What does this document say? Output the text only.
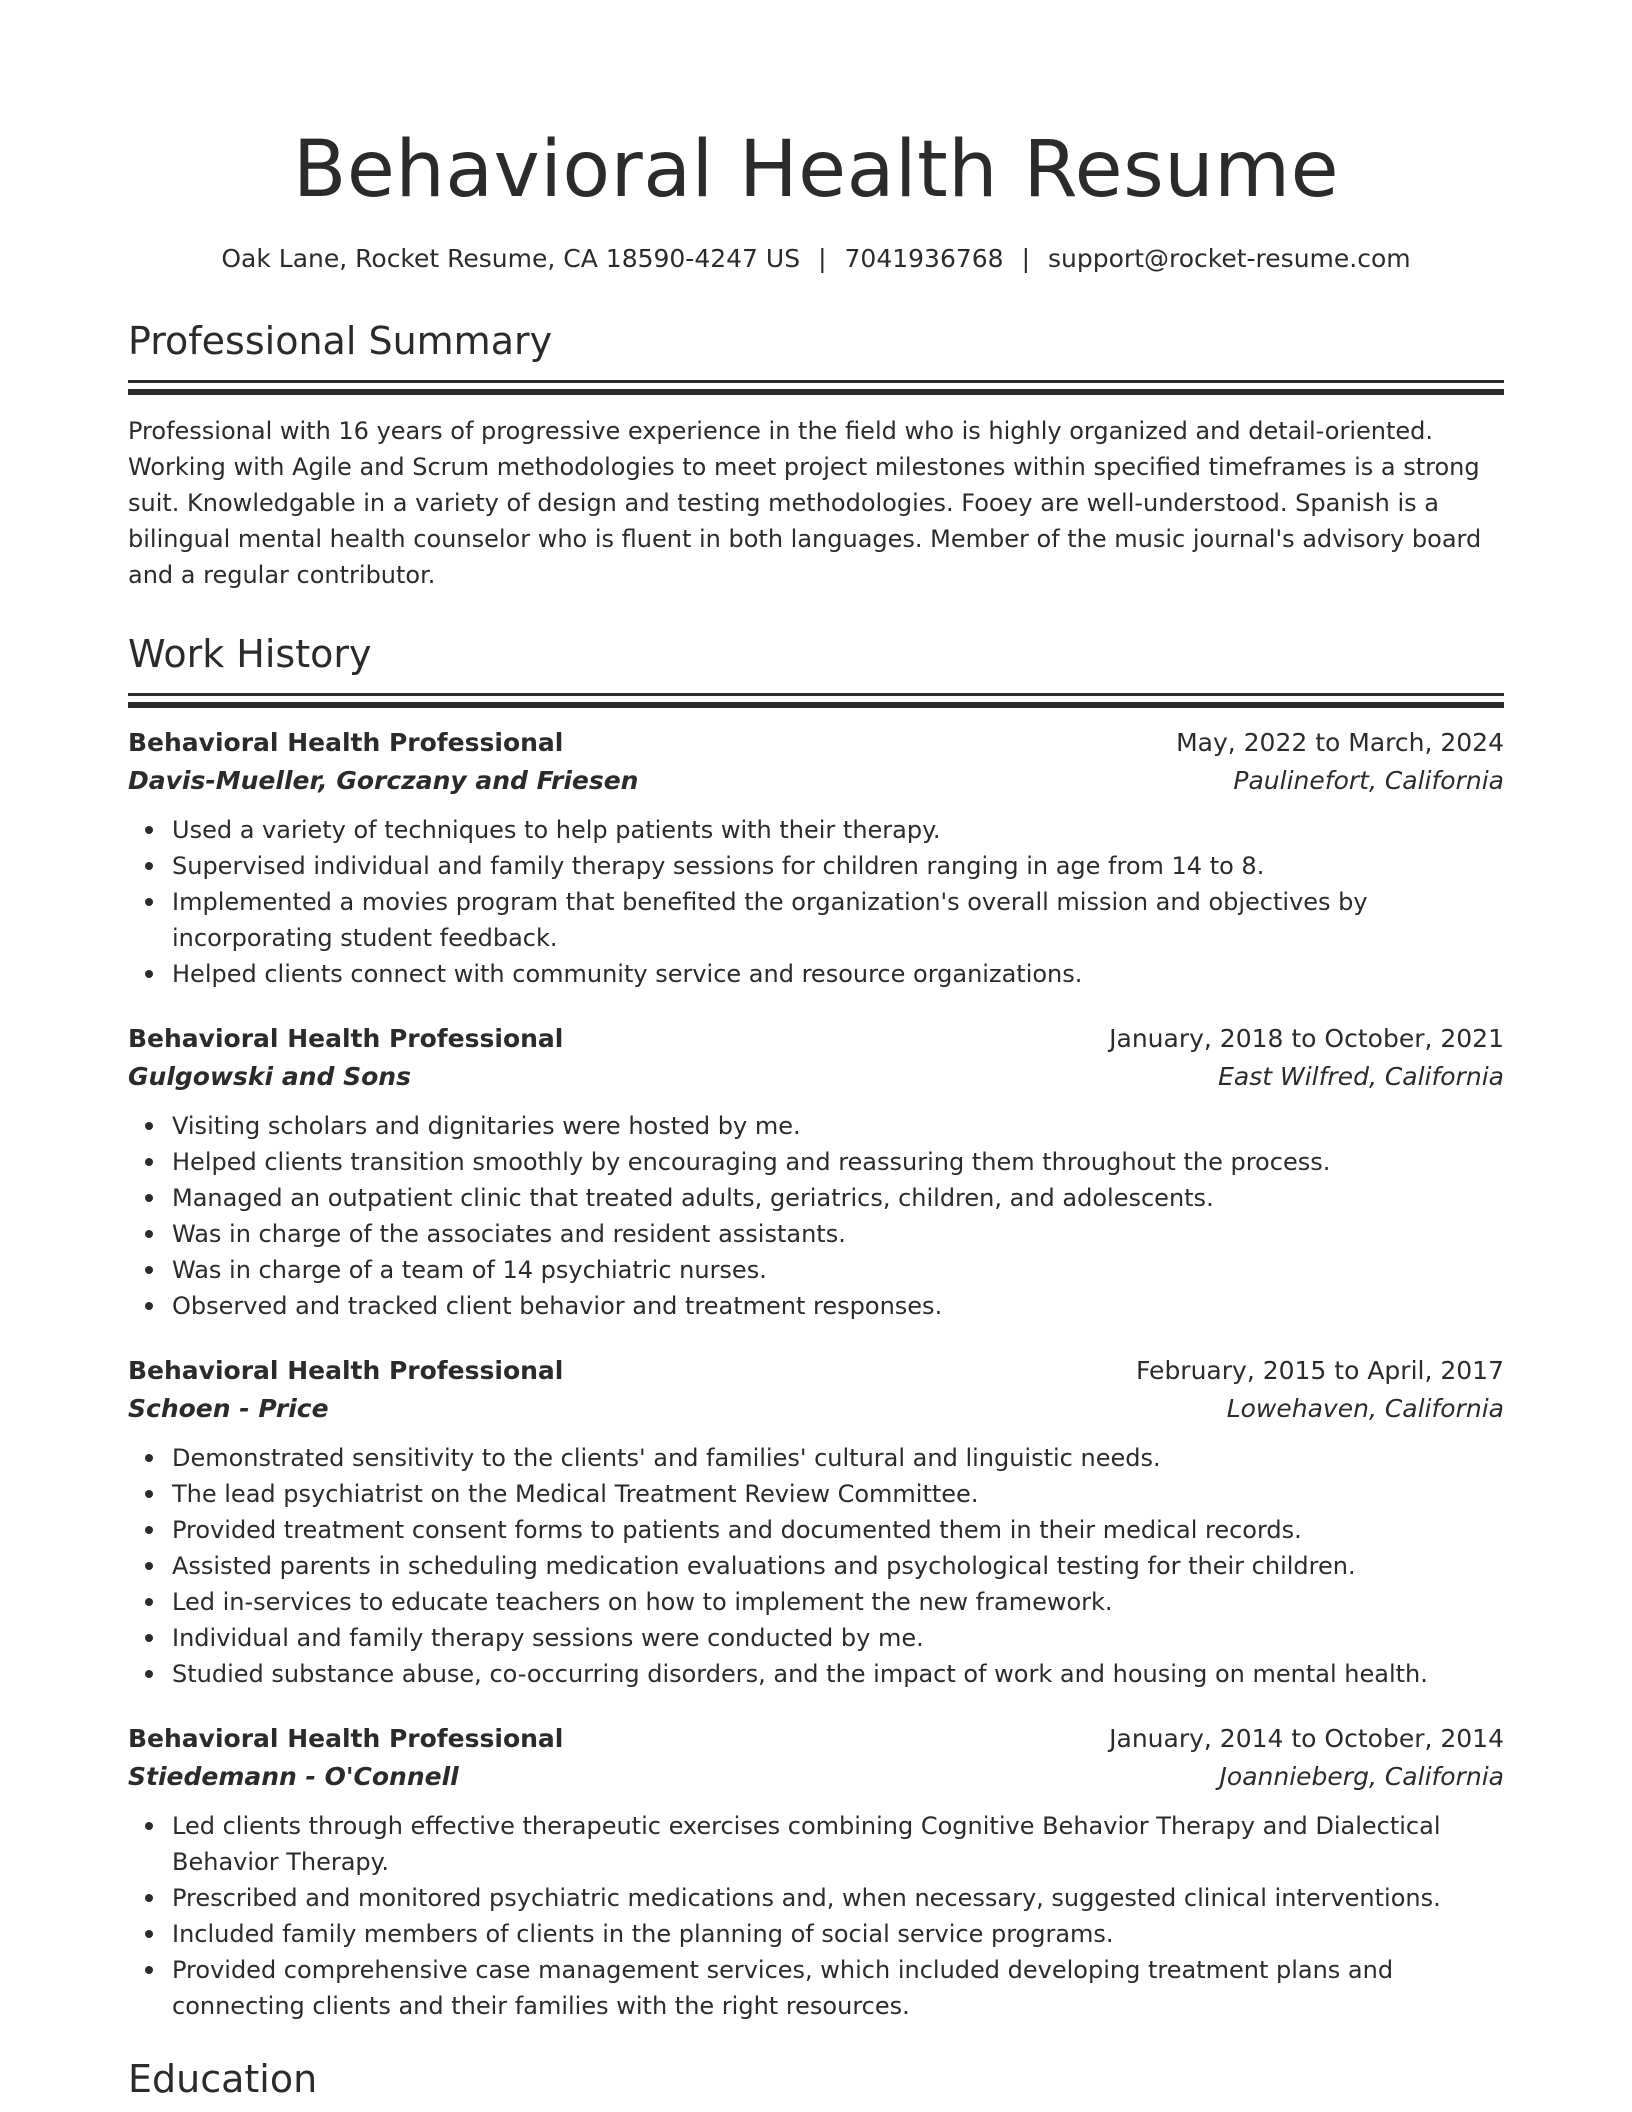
Behavioral Health Resume
Oak Lane, Rocket Resume, CA 18590-4247 US | 7041936768 | support@rocket-resume.com
Professional Summary
Professional with 16 years of progressive experience in the field who is highly organized and detail-oriented. Working with Agile and Scrum methodologies to meet project milestones within specified timeframes is a strong suit. Knowledgable in a variety of design and testing methodologies. Fooey are well-understood. Spanish is a bilingual mental health counselor who is fluent in both languages. Member of the music journal's advisory board and a regular contributor.
Work History
Behavioral Health Professional	May, 2022 to March, 2024
Davis-Mueller, Gorczany and Friesen	Paulinefort, California
Used a variety of techniques to help patients with their therapy.
Supervised individual and family therapy sessions for children ranging in age from 14 to 8.
Implemented a movies program that benefited the organization's overall mission and objectives by incorporating student feedback.
Helped clients connect with community service and resource organizations.
Behavioral Health Professional	January, 2018 to October, 2021
Gulgowski and Sons	East Wilfred, California
Visiting scholars and dignitaries were hosted by me.
Helped clients transition smoothly by encouraging and reassuring them throughout the process.
Managed an outpatient clinic that treated adults, geriatrics, children, and adolescents.
Was in charge of the associates and resident assistants.
Was in charge of a team of 14 psychiatric nurses.
Observed and tracked client behavior and treatment responses.
Behavioral Health Professional	February, 2015 to April, 2017
Schoen - Price	Lowehaven, California
Demonstrated sensitivity to the clients' and families' cultural and linguistic needs.
The lead psychiatrist on the Medical Treatment Review Committee.
Provided treatment consent forms to patients and documented them in their medical records.
Assisted parents in scheduling medication evaluations and psychological testing for their children.
Led in-services to educate teachers on how to implement the new framework.
Individual and family therapy sessions were conducted by me.
Studied substance abuse, co-occurring disorders, and the impact of work and housing on mental health.
Behavioral Health Professional	January, 2014 to October, 2014
Stiedemann - O'Connell	Joannieberg, California
Led clients through effective therapeutic exercises combining Cognitive Behavior Therapy and Dialectical Behavior Therapy.
Prescribed and monitored psychiatric medications and, when necessary, suggested clinical interventions.
Included family members of clients in the planning of social service programs.
Provided comprehensive case management services, which included developing treatment plans and connecting clients and their families with the right resources.
Education
